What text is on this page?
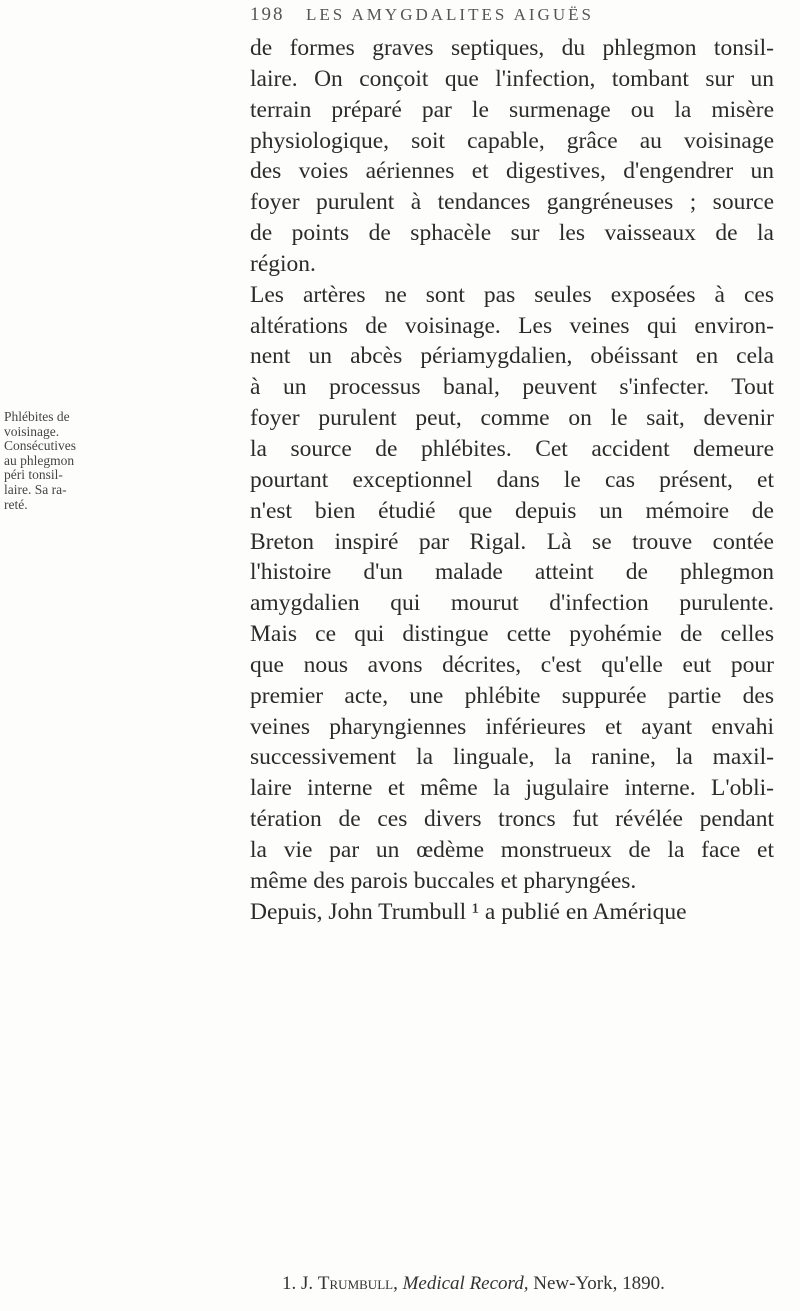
198 LES AMYGDALITES AIGUËS
Phlébites de
voisinage.
Consécutives
au phlegmon
péri tonsil-
laire. Sa ra-
reté.
de formes graves septiques, du phlegmon tonsil-
laire. On conçoit que l'infection, tombant sur un
terrain préparé par le surmenage ou la misère
physiologique, soit capable, grâce au voisinage
des voies aériennes et digestives, d'engendrer un
foyer purulent à tendances gangréneuses ; source
de points de sphacèle sur les vaisseaux de la
région.
Les artères ne sont pas seules exposées à ces
altérations de voisinage. Les veines qui environ-
nent un abcès périamygdalien, obéissant en cela
à un processus banal, peuvent s'infecter. Tout
foyer purulent peut, comme on le sait, devenir
la source de phlébites. Cet accident demeure
pourtant exceptionnel dans le cas présent, et
n'est bien étudié que depuis un mémoire de
Breton inspiré par Rigal. Là se trouve contée
l'histoire d'un malade atteint de phlegmon
amygdalien qui mourut d'infection purulente.
Mais ce qui distingue cette pyohémie de celles
que nous avons décrites, c'est qu'elle eut pour
premier acte, une phlébite suppurée partie des
veines pharyngiennes inférieures et ayant envahi
successivement la linguale, la ranine, la maxil-
laire interne et même la jugulaire interne. L'obli-
tération de ces divers troncs fut révélée pendant
la vie par un œdème monstrueux de la face et
même des parois buccales et pharyngées.
Depuis, John Trumbull ¹ a publié en Amérique
1. J. Trumbull, Medical Record, New-York, 1890.
